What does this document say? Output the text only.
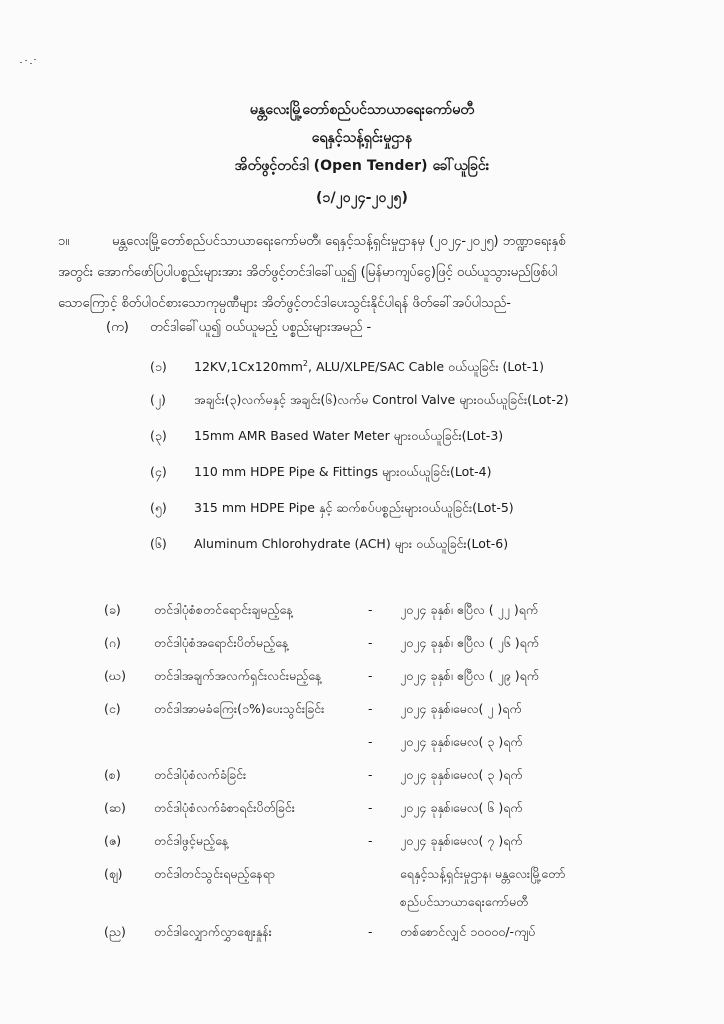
မန္တလေးမြို့တော်စည်ပင်သာယာရေးကော်မတီ
ရေနှင့်သန့်ရှင်းမှုဌာန
အိတ်ဖွင့်တင်ဒါ (Open Tender) ခေါ်ယူခြင်း
(၁/၂၀၂၄-၂၀၂၅)
၁။	မန္တလေးမြို့တော်စည်ပင်သာယာရေးကော်မတီ၊ ရေနှင့်သန့်ရှင်းမှုဌာနမှ (၂၀၂၄-၂၀၂၅) ဘဏ္ဍာရေးနှစ်
အတွင်း အောက်ဖော်ပြပါပစ္စည်းများအား အိတ်ဖွင့်တင်ဒါခေါ်ယူ၍ (မြန်မာကျပ်ငွေ)ဖြင့် ဝယ်ယူသွားမည်ဖြစ်ပါ
သောကြောင့် စိတ်ပါဝင်စားသောကုမ္ပဏီများ အိတ်ဖွင့်တင်ဒါပေးသွင်းနိုင်ပါရန် ဖိတ်ခေါ်အပ်ပါသည်-
(က) တင်ဒါခေါ်ယူ၍ ဝယ်ယူမည့် ပစ္စည်းများအမည် -
(၁) $12KV,1Cx120mm^2$, ALU/XLPE/SAC Cable ဝယ်ယူခြင်း (Lot-1)
(၂) အချင်း(၃)လက်မနှင့် အချင်း(၆)လက်မ Control Valve များဝယ်ယူခြင်း(Lot-2)
(၃) 15mm AMR Based Water Meter များဝယ်ယူခြင်း(Lot-3)
(၄) 110 mm HDPE Pipe & Fittings များဝယ်ယူခြင်း(Lot-4)
(၅) 315 mm HDPE Pipe နှင့် ဆက်စပ်ပစ္စည်းများဝယ်ယူခြင်း(Lot-5)
(၆) Aluminum Chlorohydrate (ACH) များ ဝယ်ယူခြင်း(Lot-6)
(ခ)	တင်ဒါပုံစံစတင်ရောင်းချမည့်နေ့	- ၂၀၂၄ ခုနှစ်၊ ဧပြီလ ( ၂၂ )ရက်
(ဂ)	တင်ဒါပုံစံအရောင်းပိတ်မည့်နေ့	- ၂၀၂၄ ခုနှစ်၊ ဧပြီလ ( ၂၆ )ရက်
(ဃ)	တင်ဒါအချက်အလက်ရှင်းလင်းမည့်နေ့	- ၂၀၂၄ ခုနှစ်၊ ဧပြီလ ( ၂၉ )ရက်
(င)	တင်ဒါအာမခံကြေး(၁%)ပေးသွင်းခြင်း	- ၂၀၂၄ ခုနှစ်၊မေလ( ၂ )ရက်
- ၂၀၂၄ ခုနှစ်၊မေလ( ၃ )ရက်
(စ)	တင်ဒါပုံစံလက်ခံခြင်း	- ၂၀၂၄ ခုနှစ်၊မေလ( ၃ )ရက်
(ဆ)	တင်ဒါပုံစံလက်ခံစာရင်းပိတ်ခြင်း	- ၂၀၂၄ ခုနှစ်၊မေလ( ၆ )ရက်
(ဇ)	တင်ဒါဖွင့်မည့်နေ့	- ၂၀၂၄ ခုနှစ်၊မေလ( ၇ )ရက်
(ဈ)	တင်ဒါတင်သွင်းရမည့်နေရာ	ရေနှင့်သန့်ရှင်းမှုဌာန၊ မန္တလေးမြို့တော်
စည်ပင်သာယာရေးကော်မတီ
(ည)	တင်ဒါလျှောက်လွှာဈေးနှုန်း	- တစ်စောင်လျှင် ၁၀၀၀၀/-ကျပ်
